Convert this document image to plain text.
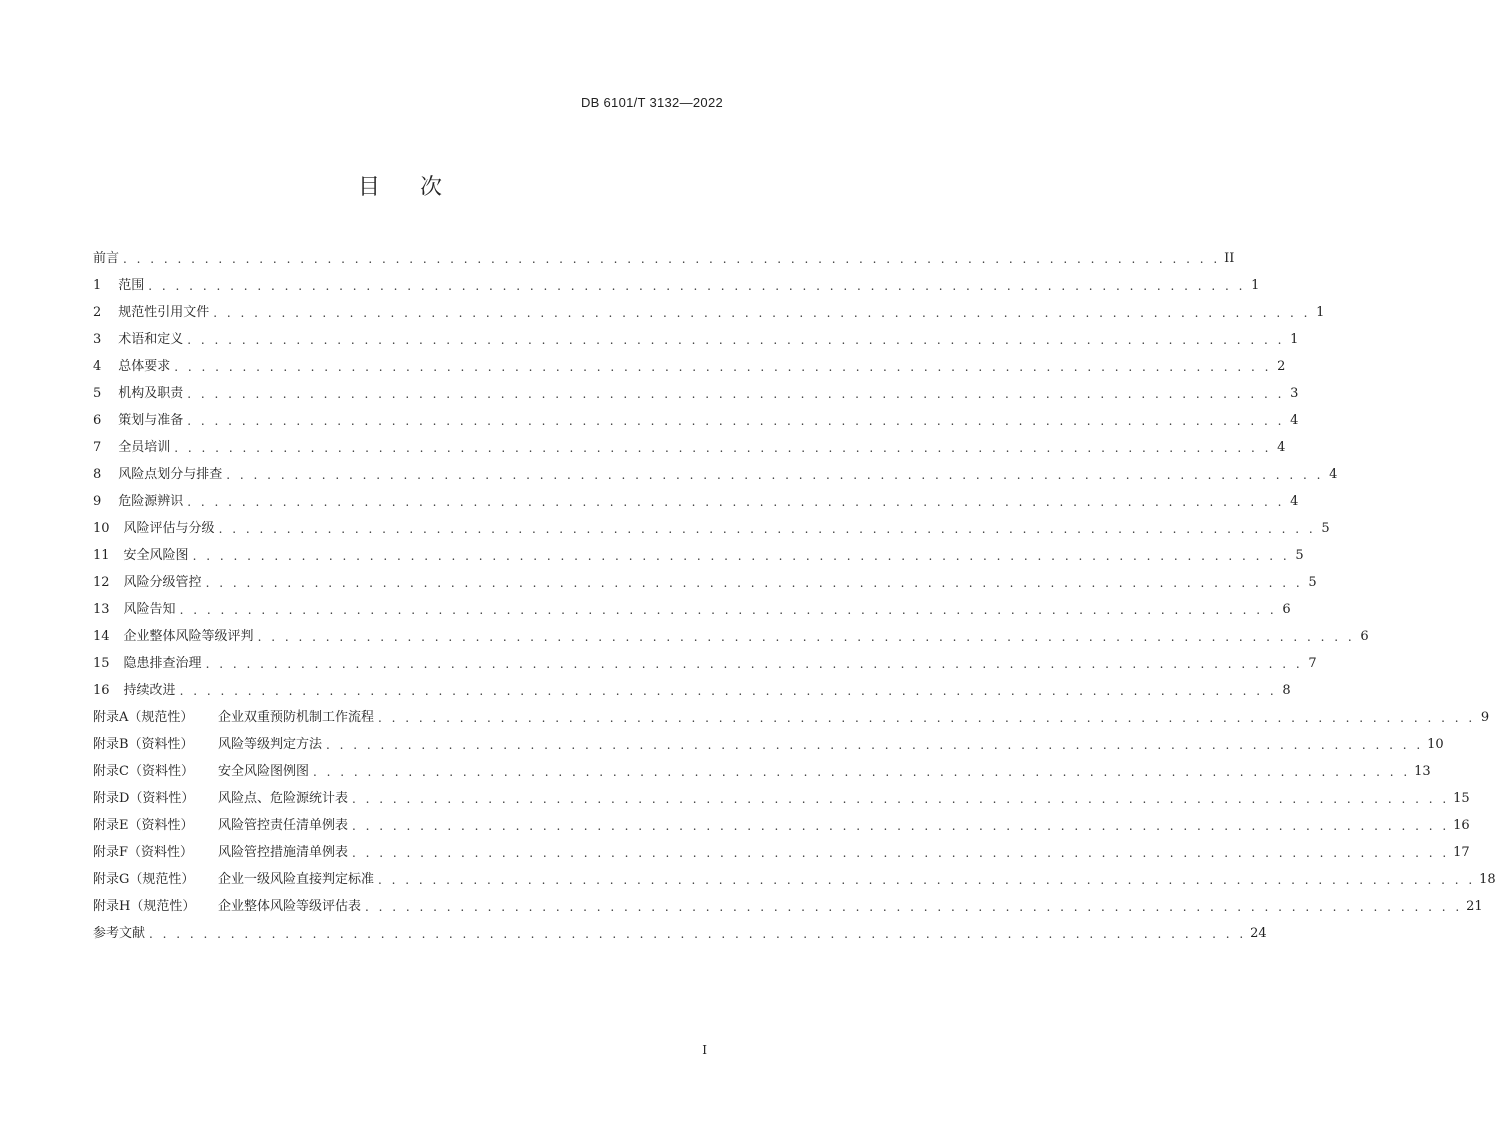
DB 6101/T 3132—2022
目 次
前言 . . . . . . . . . . . . . . . . . . . . . . . . . . . . . . . . . . . . . . . . . . . . . . . . . . . . . . . . . . . . . . . . . . . . . . . . . . . . . . . . . II
1 范围 . . . . . . . . . . . . . . . . . . . . . . . . . . . . . . . . . . . . . . . . . . . . . . . . . . . . . . . . . . . . . . . . . . . . . . . . . . . . . . . . . 1
2 规范性引用文件 . . . . . . . . . . . . . . . . . . . . . . . . . . . . . . . . . . . . . . . . . . . . . . . . . . . . . . . . . . . . . . . . . . . . . . . . . . . . . . . . . 1
3 术语和定义 . . . . . . . . . . . . . . . . . . . . . . . . . . . . . . . . . . . . . . . . . . . . . . . . . . . . . . . . . . . . . . . . . . . . . . . . . . . . . . . . . 1
4 总体要求 . . . . . . . . . . . . . . . . . . . . . . . . . . . . . . . . . . . . . . . . . . . . . . . . . . . . . . . . . . . . . . . . . . . . . . . . . . . . . . . . . 2
5 机构及职责 . . . . . . . . . . . . . . . . . . . . . . . . . . . . . . . . . . . . . . . . . . . . . . . . . . . . . . . . . . . . . . . . . . . . . . . . . . . . . . . . . 3
6 策划与准备 . . . . . . . . . . . . . . . . . . . . . . . . . . . . . . . . . . . . . . . . . . . . . . . . . . . . . . . . . . . . . . . . . . . . . . . . . . . . . . . . . 4
7 全员培训 . . . . . . . . . . . . . . . . . . . . . . . . . . . . . . . . . . . . . . . . . . . . . . . . . . . . . . . . . . . . . . . . . . . . . . . . . . . . . . . . . 4
8 风险点划分与排查 . . . . . . . . . . . . . . . . . . . . . . . . . . . . . . . . . . . . . . . . . . . . . . . . . . . . . . . . . . . . . . . . . . . . . . . . . . . . . . . . . 4
9 危险源辨识 . . . . . . . . . . . . . . . . . . . . . . . . . . . . . . . . . . . . . . . . . . . . . . . . . . . . . . . . . . . . . . . . . . . . . . . . . . . . . . . . . 4
10 风险评估与分级 . . . . . . . . . . . . . . . . . . . . . . . . . . . . . . . . . . . . . . . . . . . . . . . . . . . . . . . . . . . . . . . . . . . . . . . . . . . . . . . . . 5
11 安全风险图 . . . . . . . . . . . . . . . . . . . . . . . . . . . . . . . . . . . . . . . . . . . . . . . . . . . . . . . . . . . . . . . . . . . . . . . . . . . . . . . . . 5
12 风险分级管控 . . . . . . . . . . . . . . . . . . . . . . . . . . . . . . . . . . . . . . . . . . . . . . . . . . . . . . . . . . . . . . . . . . . . . . . . . . . . . . . . . 5
13 风险告知 . . . . . . . . . . . . . . . . . . . . . . . . . . . . . . . . . . . . . . . . . . . . . . . . . . . . . . . . . . . . . . . . . . . . . . . . . . . . . . . . . 6
14 企业整体风险等级评判 . . . . . . . . . . . . . . . . . . . . . . . . . . . . . . . . . . . . . . . . . . . . . . . . . . . . . . . . . . . . . . . . . . . . . . . . . . . . . . . . . 6
15 隐患排查治理 . . . . . . . . . . . . . . . . . . . . . . . . . . . . . . . . . . . . . . . . . . . . . . . . . . . . . . . . . . . . . . . . . . . . . . . . . . . . . . . . . 7
16 持续改进 . . . . . . . . . . . . . . . . . . . . . . . . . . . . . . . . . . . . . . . . . . . . . . . . . . . . . . . . . . . . . . . . . . . . . . . . . . . . . . . . . 8
附录A（规范性） 企业双重预防机制工作流程 . . . . . . . . . . . . . . . . . . . . . . . . . . . . . . . . . . . . . . . . . . . . . . . . . . . . . . . . . . . . . . . . . . . . . . . . . . . . . . . . . 9
附录B（资料性） 风险等级判定方法 . . . . . . . . . . . . . . . . . . . . . . . . . . . . . . . . . . . . . . . . . . . . . . . . . . . . . . . . . . . . . . . . . . . . . . . . . . . . . . . . . 10
附录C（资料性） 安全风险图例图 . . . . . . . . . . . . . . . . . . . . . . . . . . . . . . . . . . . . . . . . . . . . . . . . . . . . . . . . . . . . . . . . . . . . . . . . . . . . . . . . . 13
附录D（资料性） 风险点、危险源统计表 . . . . . . . . . . . . . . . . . . . . . . . . . . . . . . . . . . . . . . . . . . . . . . . . . . . . . . . . . . . . . . . . . . . . . . . . . . . . . . . . . 15
附录E（资料性） 风险管控责任清单例表 . . . . . . . . . . . . . . . . . . . . . . . . . . . . . . . . . . . . . . . . . . . . . . . . . . . . . . . . . . . . . . . . . . . . . . . . . . . . . . . . . 16
附录F（资料性） 风险管控措施清单例表 . . . . . . . . . . . . . . . . . . . . . . . . . . . . . . . . . . . . . . . . . . . . . . . . . . . . . . . . . . . . . . . . . . . . . . . . . . . . . . . . . 17
附录G（规范性） 企业一级风险直接判定标准 . . . . . . . . . . . . . . . . . . . . . . . . . . . . . . . . . . . . . . . . . . . . . . . . . . . . . . . . . . . . . . . . . . . . . . . . . . . . . . . . . 18
附录H（规范性） 企业整体风险等级评估表 . . . . . . . . . . . . . . . . . . . . . . . . . . . . . . . . . . . . . . . . . . . . . . . . . . . . . . . . . . . . . . . . . . . . . . . . . . . . . . . . . 21
参考文献 . . . . . . . . . . . . . . . . . . . . . . . . . . . . . . . . . . . . . . . . . . . . . . . . . . . . . . . . . . . . . . . . . . . . . . . . . . . . . . . . . 24
I
